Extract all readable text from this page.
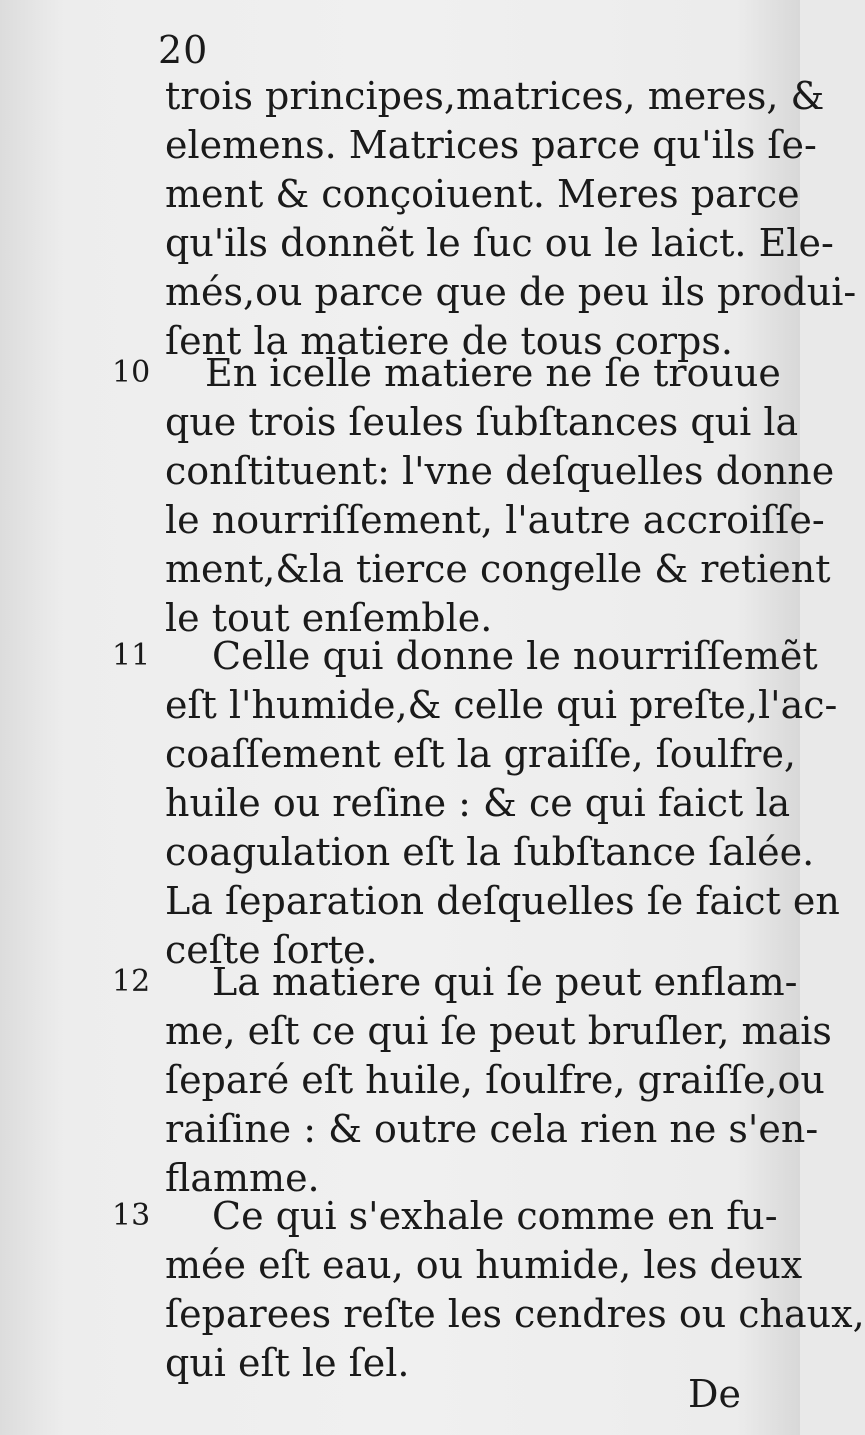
20
trois principes,matrices, meres, &
elemens. Matrices parce qu'ils ſe-
ment & conçoiuent. Meres parce
qu'ils donnẽt le ſuc ou le laict. Ele-
més,ou parce que de peu ils produi-
ſent la matiere de tous corps.
10 En icelle matiere ne ſe trouue
que trois ſeules ſubſtances qui la
conſtituent: l'vne deſquelles donne
le nourriſſement, l'autre accroiſſe-
ment,&la tierce congelle & retient
le tout enſemble.
11 Celle qui donne le nourriſſemẽt
eſt l'humide,& celle qui preſte,l'ac-
coaſſement eſt la graiſſe, ſoulfre,
huile ou reſine : & ce qui faict la
coagulation eſt la ſubſtance ſalée.
La ſeparation deſquelles ſe faict en
ceſte ſorte.
12 La matiere qui ſe peut enflam-
me, eſt ce qui ſe peut bruſler, mais
ſeparé eſt huile, ſoulfre, graiſſe,ou
raiſine : & outre cela rien ne s'en-
flamme.
13 Ce qui s'exhale comme en fu-
mée eſt eau, ou humide, les deux
ſeparees reſte les cendres ou chaux,
qui eſt le ſel.
De
